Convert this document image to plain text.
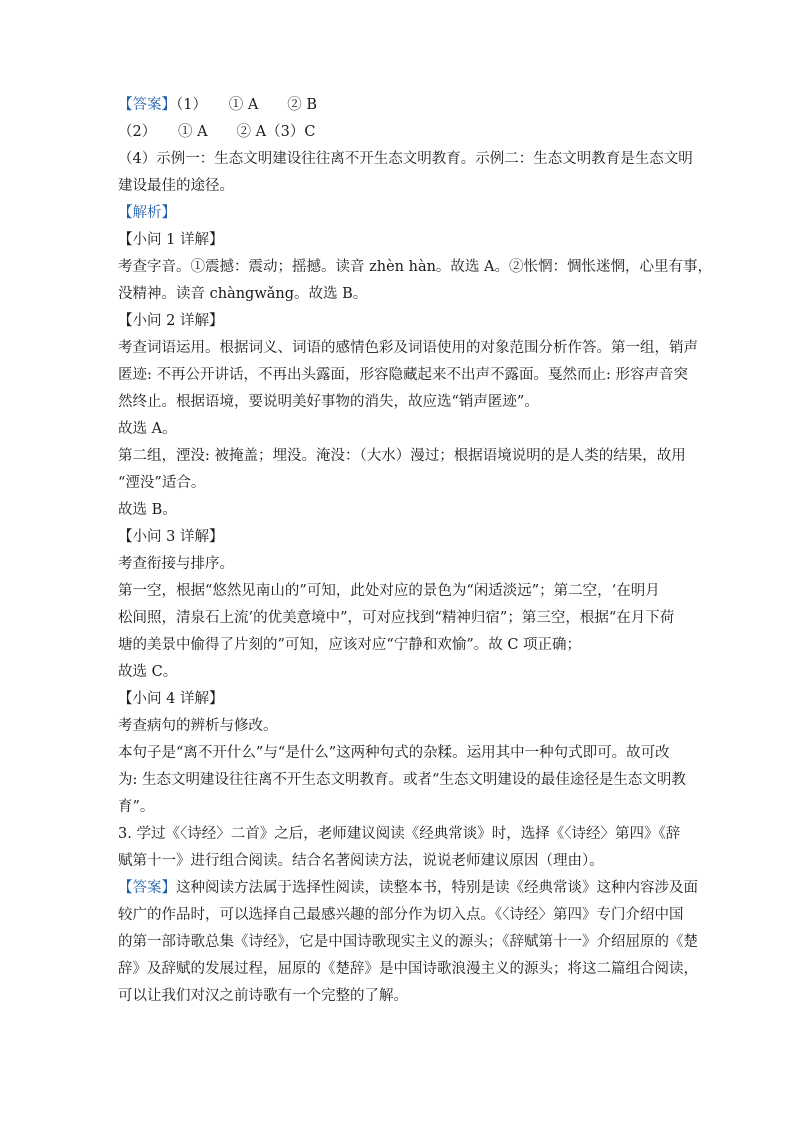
【答案】（1）　　① A　　② B
（2）　　① A　　② A（3）C
（4）示例一：生态文明建设往往离不开生态文明教育。示例二：生态文明教育是生态文明
建设最佳的途径。
【解析】
【小问 1 详解】
考查字音。①震撼：震动；摇撼。读音 zhèn hàn。故选 A。②怅惘：惆怅迷惘，心里有事，
没精神。读音 chàngwǎng。故选 B。
【小问 2 详解】
考查词语运用。根据词义、词语的感情色彩及词语使用的对象范围分析作答。第一组，销声
匿迹: 不再公开讲话，不再出头露面，形容隐藏起来不出声不露面。戛然而止: 形容声音突
然终止。根据语境，要说明美好事物的消失，故应选“销声匿迹”。
故选 A。
第二组，湮没: 被掩盖；埋没。淹没：（大水）漫过；根据语境说明的是人类的结果，故用
“湮没”适合。
故选 B。
【小问 3 详解】
考查衔接与排序。
第一空，根据“悠然见南山的”可知，此处对应的景色为“闲适淡远”；第二空，‘在明月
松间照，清泉石上流’的优美意境中”，可对应找到“精神归宿”；第三空，根据“在月下荷
塘的美景中偷得了片刻的”可知，应该对应“宁静和欢愉”。故 C 项正确；
故选 C。
【小问 4 详解】
考查病句的辨析与修改。
本句子是“离不开什么”与“是什么”这两种句式的杂糅。运用其中一种句式即可。故可改
为: 生态文明建设往往离不开生态文明教育。或者“生态文明建设的最佳途径是生态文明教
育”。
3. 学过《〈诗经〉二首》之后，老师建议阅读《经典常谈》时，选择《〈诗经〉第四》《辞
赋第十一》进行组合阅读。结合名著阅读方法，说说老师建议原因（理由）。
【答案】这种阅读方法属于选择性阅读，读整本书，特别是读《经典常谈》这种内容涉及面
较广的作品时，可以选择自己最感兴趣的部分作为切入点。《〈诗经〉第四》专门介绍中国
的第一部诗歌总集《诗经》，它是中国诗歌现实主义的源头；《辞赋第十一》介绍屈原的《楚
辞》及辞赋的发展过程，屈原的《楚辞》是中国诗歌浪漫主义的源头；将这二篇组合阅读，
可以让我们对汉之前诗歌有一个完整的了解。
